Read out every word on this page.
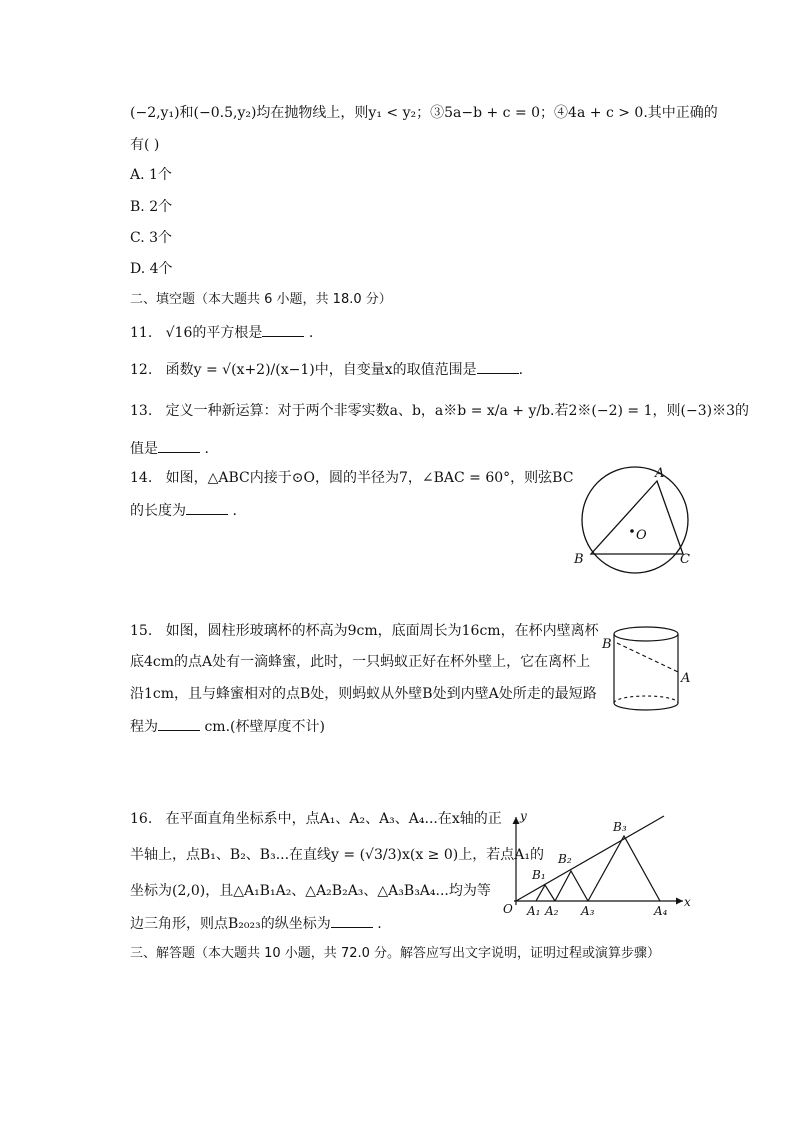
(−2,y₁)和(−0.5,y₂)均在抛物线上，则y₁ < y₂；③5a−b + c = 0；④4a + c > 0.其中正确的
有( )
A. 1个
B. 2个
C. 3个
D. 4个
二、填空题（本大题共 6 小题，共 18.0 分）
11. √16的平方根是	.
12. 函数y = √(x+2)/(x−1)中，自变量x的取值范围是	.
13. 定义一种新运算：对于两个非零实数a、b，a※b = x/a + y/b.若2※(−2) = 1，则(−3)※3的
值是	.
14. 如图，△ABC内接于⊙O，圆的半径为7，∠BAC = 60°，则弦BC
的长度为	.
A
O
B	C
15. 如图，圆柱形玻璃杯的杯高为9cm，底面周长为16cm，在杯内壁离杯
底4cm的点A处有一滴蜂蜜，此时，一只蚂蚁正好在杯外壁上，它在离杯上
沿1cm，且与蜂蜜相对的点B处，则蚂蚁从外壁B处到内壁A处所走的最短路
程为	cm.(杯壁厚度不计)
B
A
16. 在平面直角坐标系中，点A₁、A₂、A₃、A₄...在x轴的正
半轴上，点B₁、B₂、B₃...在直线y = (√3/3)x(x ≥ 0)上，若点A₁的
坐标为(2,0)，且△A₁B₁A₂、△A₂B₂A₃、△A₃B₃A₄...均为等
边三角形，则点B₂₀₂₃的纵坐标为	.
y
x
O A₁ A₂ A₃	A₄
B₁
B₂
B₃
三、解答题（本大题共 10 小题，共 72.0 分。解答应写出文字说明，证明过程或演算步骤）
